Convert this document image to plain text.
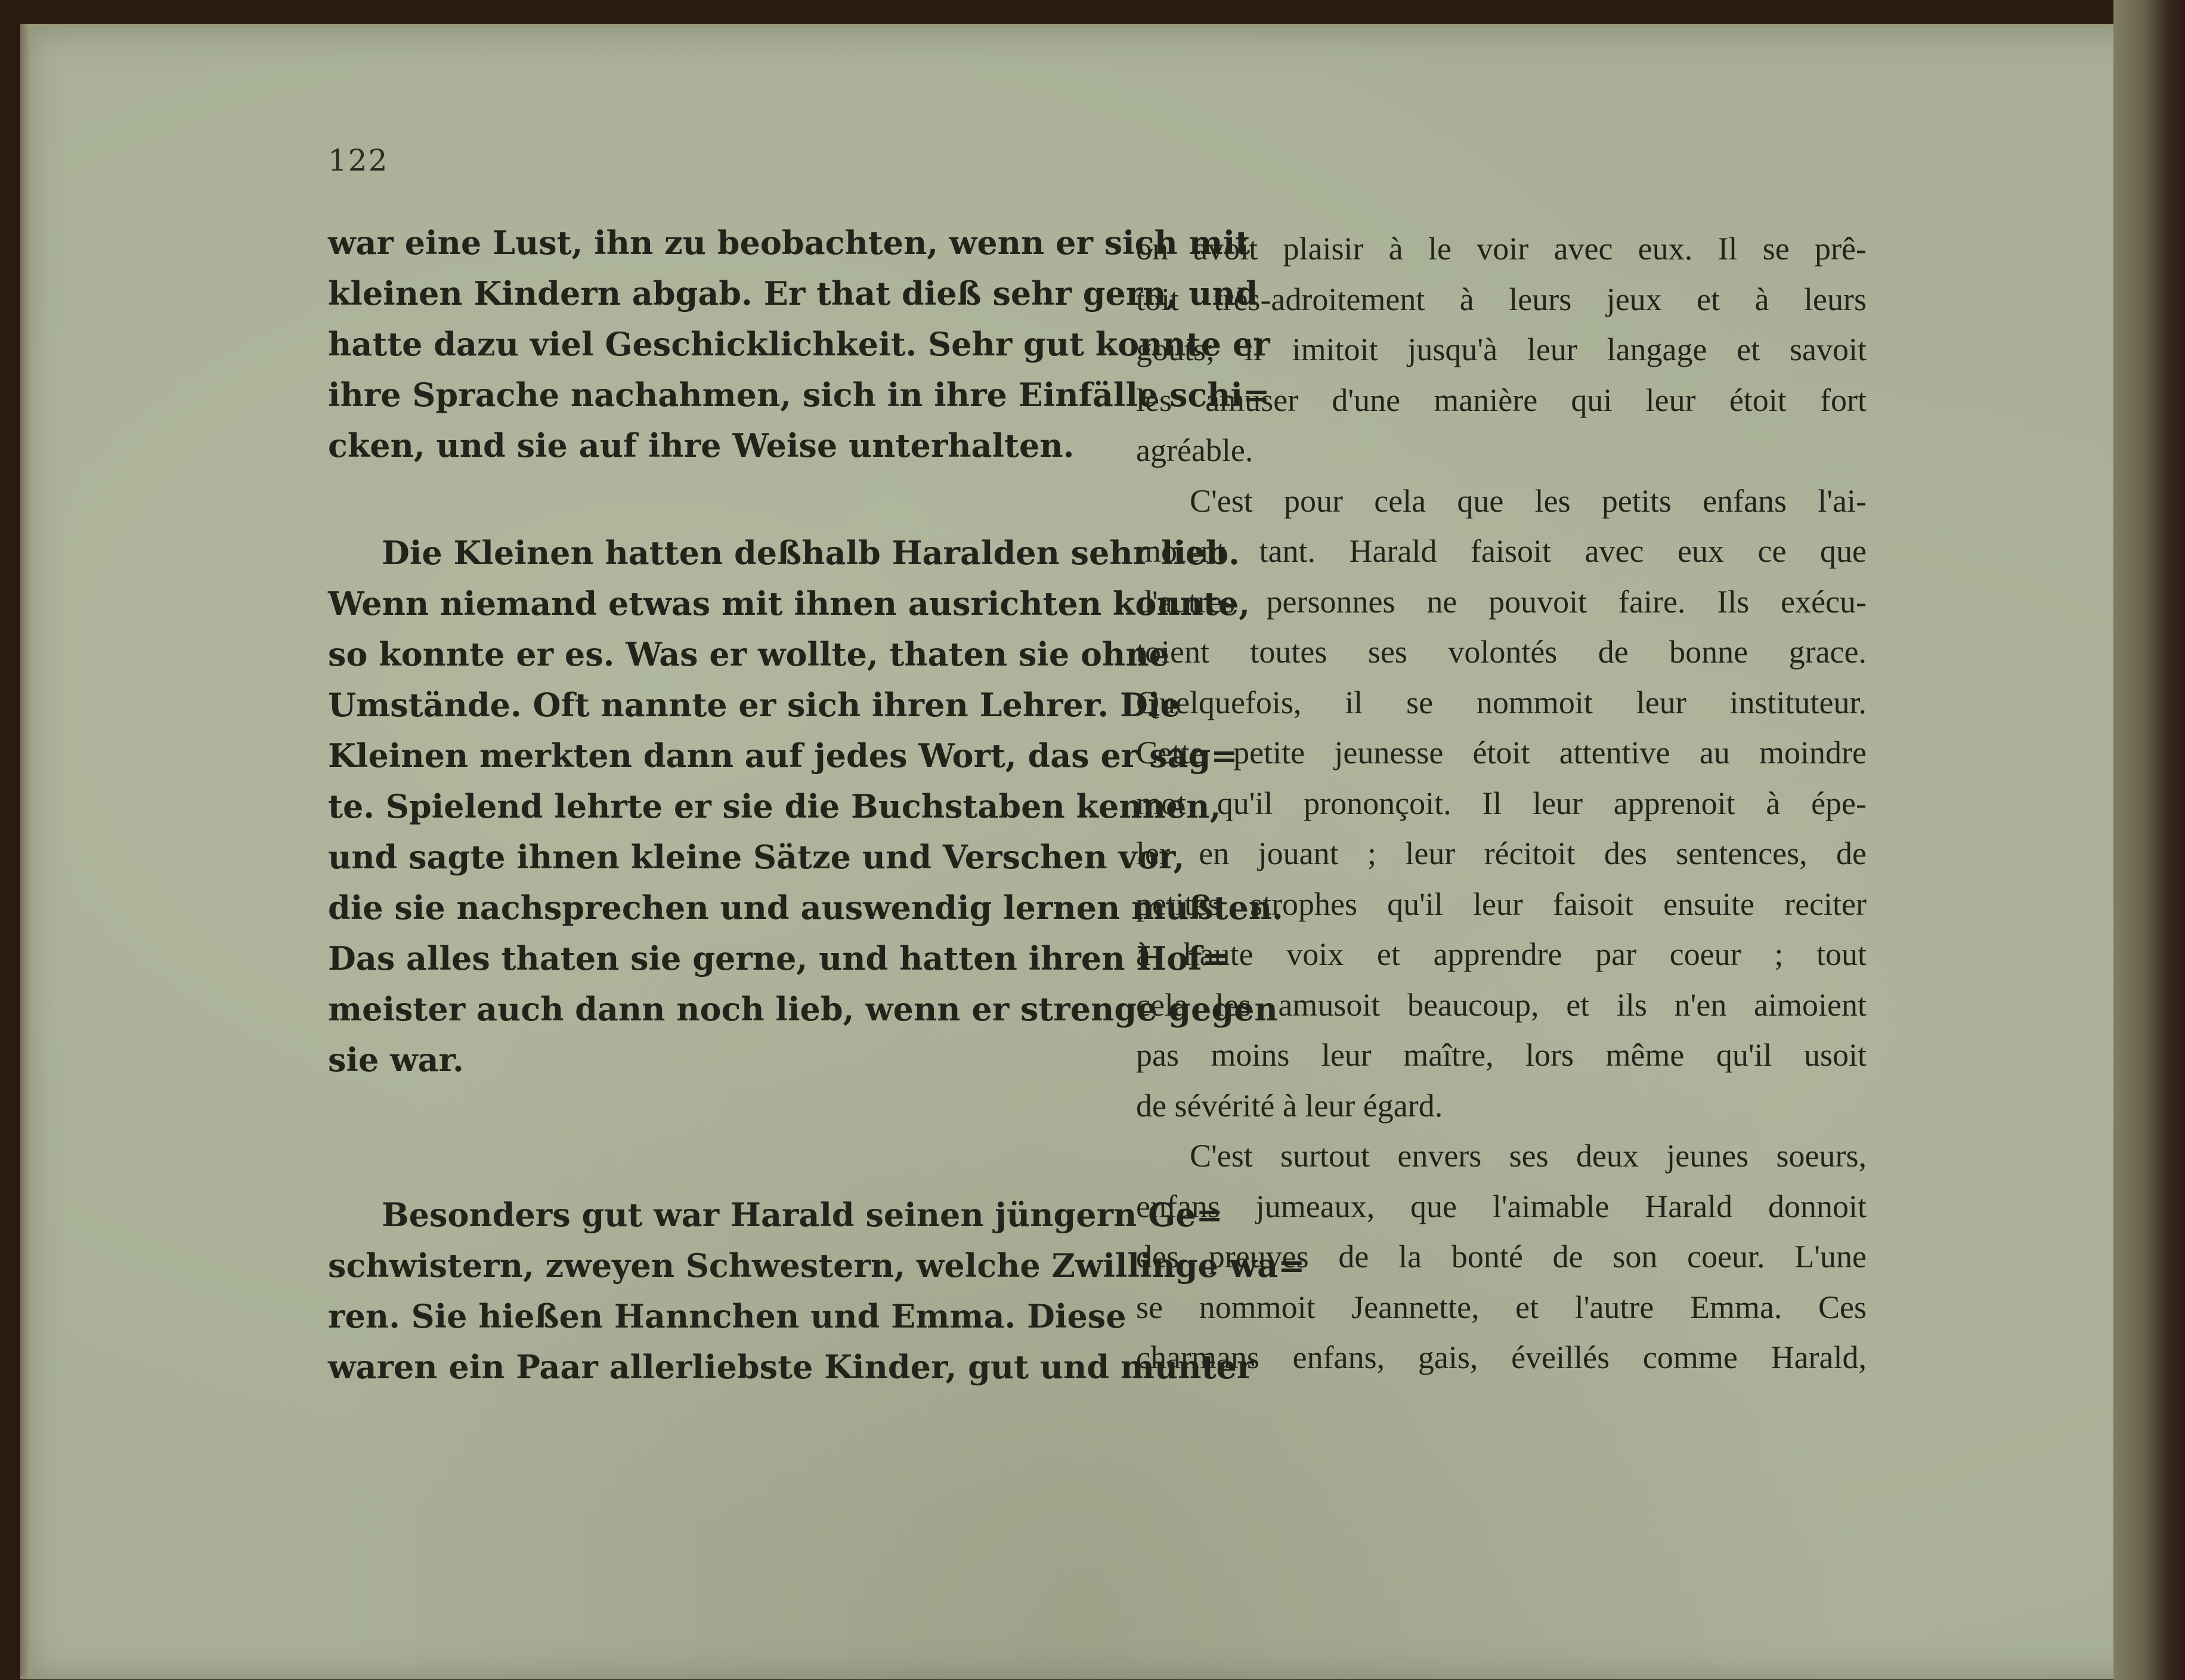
122

war eine Lust, ihn zu beobachten, wenn er sich mit
kleinen Kindern abgab. Er that dieß sehr gern, und
hatte dazu viel Geschicklichkeit. Sehr gut konnte er
ihre Sprache nachahmen, sich in ihre Einfälle schi=
cken, und sie auf ihre Weise unterhalten.

Die Kleinen hatten deßhalb Haralden sehr lieb.
Wenn niemand etwas mit ihnen ausrichten konnte,
so konnte er es. Was er wollte, thaten sie ohne
Umstände. Oft nannte er sich ihren Lehrer. Die
Kleinen merkten dann auf jedes Wort, das er sag=
te. Spielend lehrte er sie die Buchstaben kennen,
und sagte ihnen kleine Sätze und Verschen vor,
die sie nachsprechen und auswendig lernen mußten.
Das alles thaten sie gerne, und hatten ihren Hof=
meister auch dann noch lieb, wenn er strenge gegen
sie war.

Besonders gut war Harald seinen jüngern Ge=
schwistern, zweyen Schwestern, welche Zwillinge wa=
ren. Sie hießen Hannchen und Emma. Diese
waren ein Paar allerliebste Kinder, gut und munter

on avoit plaisir à le voir avec eux. Il se prê-
toit très-adroitement à leurs jeux et à leurs
goûts; il imitoit jusqu'à leur langage et savoit
les amuser d'une manière qui leur étoit fort
agréable.

C'est pour cela que les petits enfans l'ai-
moient tant. Harald faisoit avec eux ce que
d'autres personnes ne pouvoit faire. Ils exécu-
toient toutes ses volontés de bonne grace.
Quelquefois, il se nommoit leur instituteur.
Cette petite jeunesse étoit attentive au moindre
mot qu'il prononçoit. Il leur apprenoit à épe-
ler en jouant ; leur récitoit des sentences, de
petites strophes qu'il leur faisoit ensuite reciter
à haute voix et apprendre par coeur ; tout
cela les amusoit beaucoup, et ils n'en aimoient
pas moins leur maître, lors même qu'il usoit
de sévérité à leur égard.

C'est surtout envers ses deux jeunes soeurs,
enfans jumeaux, que l'aimable Harald donnoit
des preuves de la bonté de son coeur. L'une
se nommoit Jeannette, et l'autre Emma. Ces
charmans enfans, gais, éveillés comme Harald,
